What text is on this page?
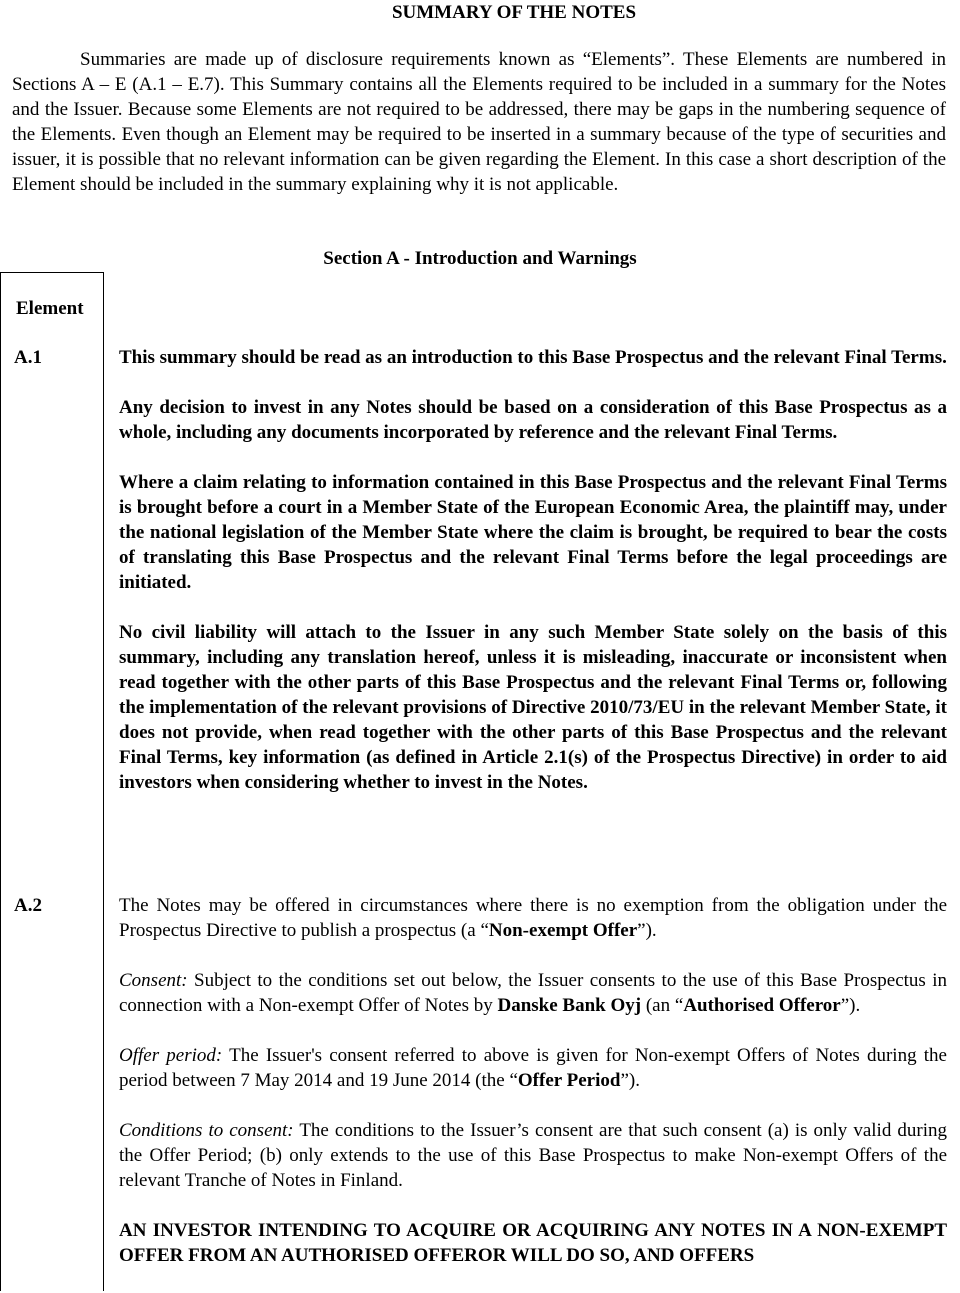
SUMMARY OF THE NOTES
Summaries are made up of disclosure requirements known as “Elements”. These Elements are numbered in Sections A – E (A.1 – E.7). This Summary contains all the Elements required to be included in a summary for the Notes and the Issuer. Because some Elements are not required to be addressed, there may be gaps in the numbering sequence of the Elements. Even though an Element may be required to be inserted in a summary because of the type of securities and issuer, it is possible that no relevant information can be given regarding the Element. In this case a short description of the Element should be included in the summary explaining why it is not applicable.
Section A - Introduction and Warnings
Element
A.1	This summary should be read as an introduction to this Base Prospectus and the relevant Final Terms.

Any decision to invest in any Notes should be based on a consideration of this Base Prospectus as a whole, including any documents incorporated by reference and the relevant Final Terms.

Where a claim relating to information contained in this Base Prospectus and the relevant Final Terms is brought before a court in a Member State of the European Economic Area, the plaintiff may, under the national legislation of the Member State where the claim is brought, be required to bear the costs of translating this Base Prospectus and the relevant Final Terms before the legal proceedings are initiated.

No civil liability will attach to the Issuer in any such Member State solely on the basis of this summary, including any translation hereof, unless it is misleading, inaccurate or inconsistent when read together with the other parts of this Base Prospectus and the relevant Final Terms or, following the implementation of the relevant provisions of Directive 2010/73/EU in the relevant Member State, it does not provide, when read together with the other parts of this Base Prospectus and the relevant Final Terms, key information (as defined in Article 2.1(s) of the Prospectus Directive) in order to aid investors when considering whether to invest in the Notes.

A.2	The Notes may be offered in circumstances where there is no exemption from the obligation under the Prospectus Directive to publish a prospectus (a “Non-exempt Offer”).

Consent: Subject to the conditions set out below, the Issuer consents to the use of this Base Prospectus in connection with a Non-exempt Offer of Notes by Danske Bank Oyj (an “Authorised Offeror”).

Offer period: The Issuer's consent referred to above is given for Non-exempt Offers of Notes during the period between 7 May 2014 and 19 June 2014 (the “Offer Period”).

Conditions to consent: The conditions to the Issuer’s consent are that such consent (a) is only valid during the Offer Period; (b) only extends to the use of this Base Prospectus to make Non-exempt Offers of the relevant Tranche of Notes in Finland.

AN INVESTOR INTENDING TO ACQUIRE OR ACQUIRING ANY NOTES IN A NON-EXEMPT OFFER FROM AN AUTHORISED OFFEROR WILL DO SO, AND OFFERS
